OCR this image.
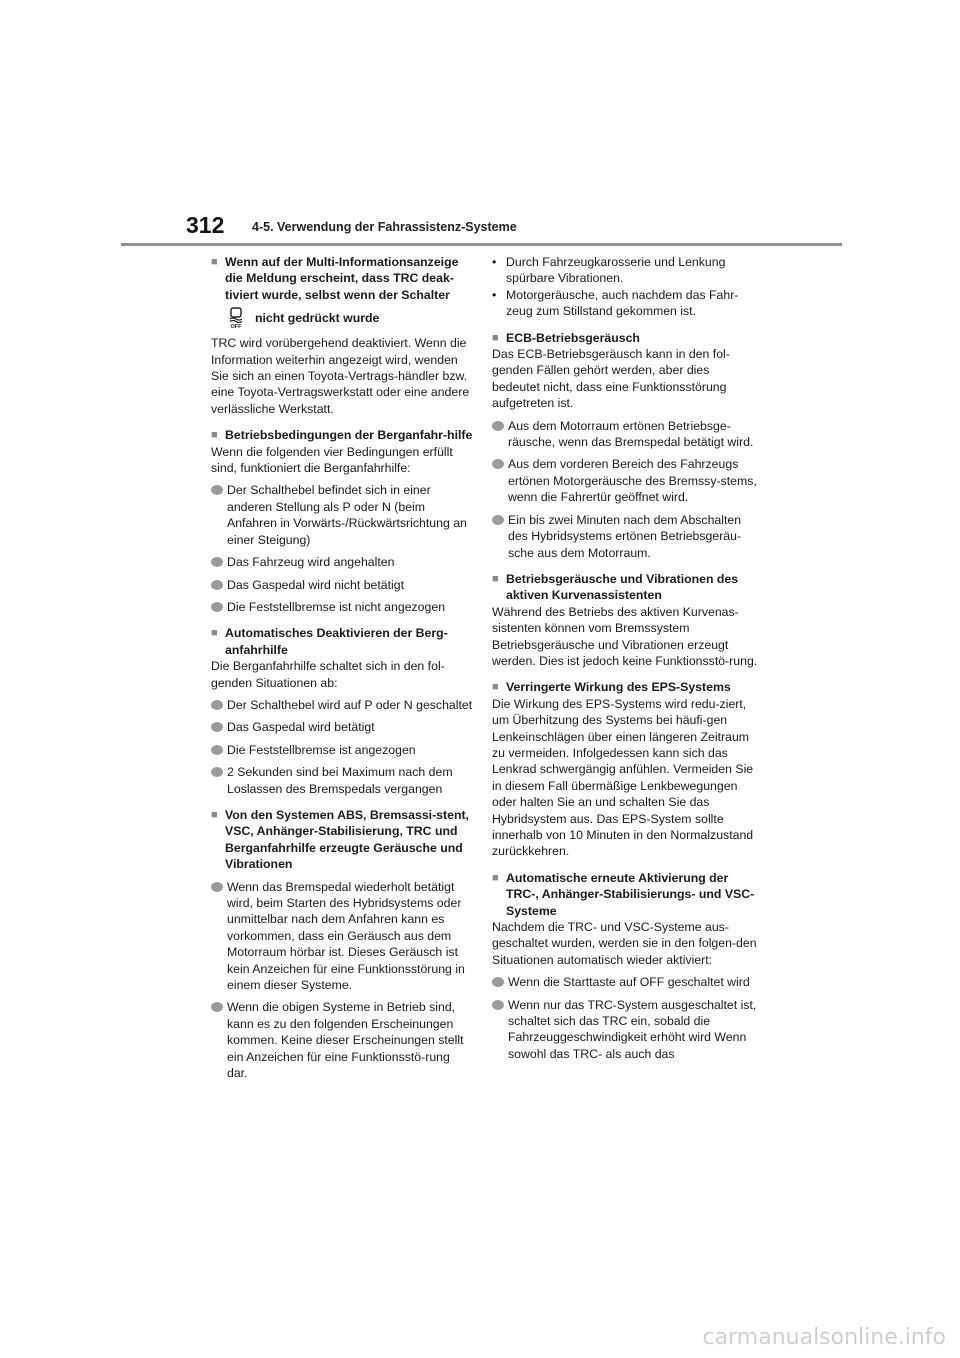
312 4-5. Verwendung der Fahrassistenz-Systeme
■ Wenn auf der Multi-Informationsanzeige die Meldung erscheint, dass TRC deak-tiviert wurde, selbst wenn der Schalter
OFF
nicht gedrückt wurde

TRC wird vorübergehend deaktiviert. Wenn die Information weiterhin angezeigt wird, wenden Sie sich an einen Toyota-Vertrags-händler bzw. eine Toyota-Vertragswerkstatt oder eine andere verlässliche Werkstatt.

■ Betriebsbedingungen der Berganfahr-hilfe

Wenn die folgenden vier Bedingungen erfüllt sind, funktioniert die Berganfahrhilfe:

Der Schalthebel befindet sich in einer anderen Stellung als P oder N (beim Anfahren in Vorwärts-/Rückwärtsrichtung an einer Steigung)
Das Fahrzeug wird angehalten
Das Gaspedal wird nicht betätigt
Die Feststellbremse ist nicht angezogen
■ Automatisches Deaktivieren der Berg-anfahrhilfe

Die Berganfahrhilfe schaltet sich in den fol-genden Situationen ab:

Der Schalthebel wird auf P oder N geschaltet
Das Gaspedal wird betätigt
Die Feststellbremse ist angezogen
2 Sekunden sind bei Maximum nach dem Loslassen des Bremspedals vergangen
■ Von den Systemen ABS, Bremsassi-stent, VSC, Anhänger-Stabilisierung, TRC und Berganfahrhilfe erzeugte Geräusche und Vibrationen
Wenn das Bremspedal wiederholt betätigt wird, beim Starten des Hybridsystems oder unmittelbar nach dem Anfahren kann es vorkommen, dass ein Geräusch aus dem Motorraum hörbar ist. Dieses Geräusch ist kein Anzeichen für eine Funktionsstörung in einem dieser Systeme.
Wenn die obigen Systeme in Betrieb sind, kann es zu den folgenden Erscheinungen kommen. Keine dieser Erscheinungen stellt ein Anzeichen für eine Funktionsstö-rung dar.
• Durch Fahrzeugkarosserie und Lenkung spürbare Vibrationen.
• Motorgeräusche, auch nachdem das Fahr-zeug zum Stillstand gekommen ist.
■ ECB-Betriebsgeräusch

Das ECB-Betriebsgeräusch kann in den fol-genden Fällen gehört werden, aber dies bedeutet nicht, dass eine Funktionsstörung aufgetreten ist.

Aus dem Motorraum ertönen Betriebsge-räusche, wenn das Bremspedal betätigt wird.
Aus dem vorderen Bereich des Fahrzeugs ertönen Motorgeräusche des Bremssy-stems, wenn die Fahrertür geöffnet wird.
Ein bis zwei Minuten nach dem Abschalten des Hybridsystems ertönen Betriebsgeräu-sche aus dem Motorraum.
■ Betriebsgeräusche und Vibrationen des aktiven Kurvenassistenten

Während des Betriebs des aktiven Kurvenas-sistenten können vom Bremssystem Betriebsgeräusche und Vibrationen erzeugt werden. Dies ist jedoch keine Funktionsstö-rung.

■ Verringerte Wirkung des EPS-Systems

Die Wirkung des EPS-Systems wird redu-ziert, um Überhitzung des Systems bei häufi-gen Lenkeinschlägen über einen längeren Zeitraum zu vermeiden. Infolgedessen kann sich das Lenkrad schwergängig anfühlen. Vermeiden Sie in diesem Fall übermäßige Lenkbewegungen oder halten Sie an und schalten Sie das Hybridsystem aus. Das EPS-System sollte innerhalb von 10 Minuten in den Normalzustand zurückkehren.

■ Automatische erneute Aktivierung der TRC-, Anhänger-Stabilisierungs- und VSC-Systeme

Nachdem die TRC- und VSC-Systeme aus-geschaltet wurden, werden sie in den folgen-den Situationen automatisch wieder aktiviert:

Wenn die Starttaste auf OFF geschaltet wird
Wenn nur das TRC-System ausgeschaltet ist, schaltet sich das TRC ein, sobald die Fahrzeuggeschwindigkeit erhöht wird Wenn sowohl das TRC- als auch das
carmanualsonline.info
